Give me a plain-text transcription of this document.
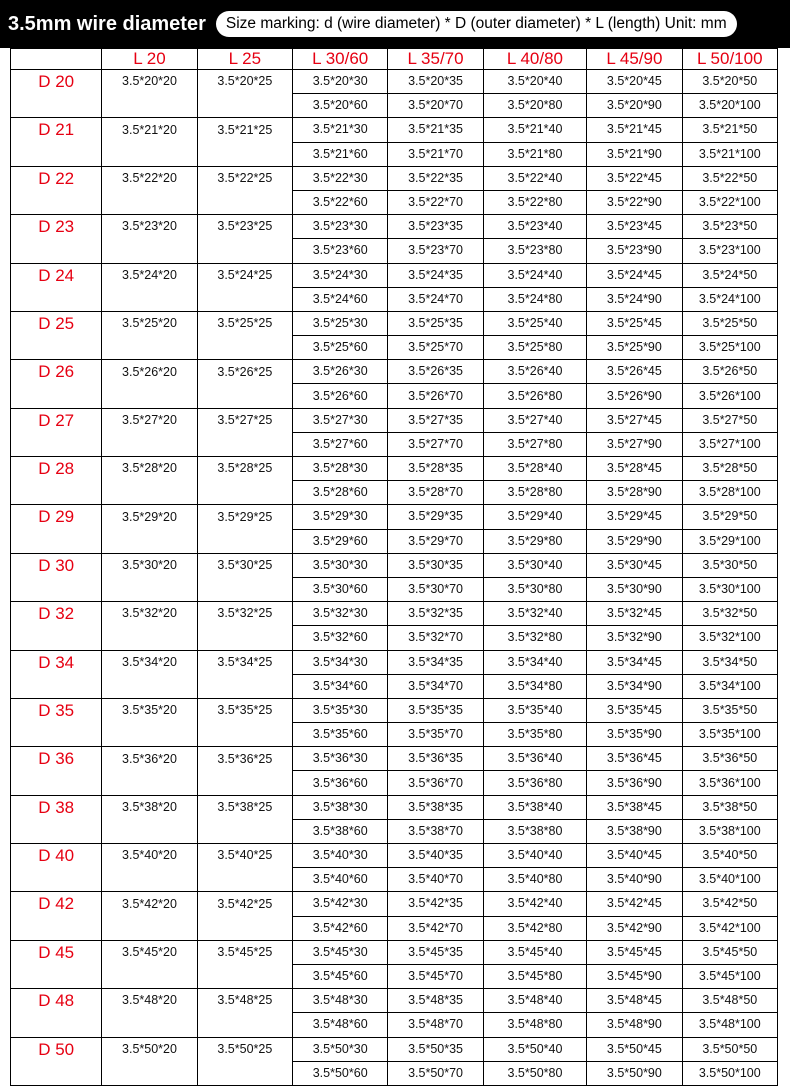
3.5mm wire diameter	Size marking: d (wire diameter) * D (outer diameter) * L (length) Unit: mm
	L 20	L 25	L 30/60	L 35/70	L 40/80	L 45/90	L 50/100
D 20	3.5*20*20	3.5*20*25	3.5*20*30	3.5*20*35	3.5*20*40	3.5*20*45	3.5*20*50
			3.5*20*60	3.5*20*70	3.5*20*80	3.5*20*90	3.5*20*100
D 21	3.5*21*20	3.5*21*25	3.5*21*30	3.5*21*35	3.5*21*40	3.5*21*45	3.5*21*50
			3.5*21*60	3.5*21*70	3.5*21*80	3.5*21*90	3.5*21*100
D 22	3.5*22*20	3.5*22*25	3.5*22*30	3.5*22*35	3.5*22*40	3.5*22*45	3.5*22*50
			3.5*22*60	3.5*22*70	3.5*22*80	3.5*22*90	3.5*22*100
D 23	3.5*23*20	3.5*23*25	3.5*23*30	3.5*23*35	3.5*23*40	3.5*23*45	3.5*23*50
			3.5*23*60	3.5*23*70	3.5*23*80	3.5*23*90	3.5*23*100
D 24	3.5*24*20	3.5*24*25	3.5*24*30	3.5*24*35	3.5*24*40	3.5*24*45	3.5*24*50
			3.5*24*60	3.5*24*70	3.5*24*80	3.5*24*90	3.5*24*100
D 25	3.5*25*20	3.5*25*25	3.5*25*30	3.5*25*35	3.5*25*40	3.5*25*45	3.5*25*50
			3.5*25*60	3.5*25*70	3.5*25*80	3.5*25*90	3.5*25*100
D 26	3.5*26*20	3.5*26*25	3.5*26*30	3.5*26*35	3.5*26*40	3.5*26*45	3.5*26*50
			3.5*26*60	3.5*26*70	3.5*26*80	3.5*26*90	3.5*26*100
D 27	3.5*27*20	3.5*27*25	3.5*27*30	3.5*27*35	3.5*27*40	3.5*27*45	3.5*27*50
			3.5*27*60	3.5*27*70	3.5*27*80	3.5*27*90	3.5*27*100
D 28	3.5*28*20	3.5*28*25	3.5*28*30	3.5*28*35	3.5*28*40	3.5*28*45	3.5*28*50
			3.5*28*60	3.5*28*70	3.5*28*80	3.5*28*90	3.5*28*100
D 29	3.5*29*20	3.5*29*25	3.5*29*30	3.5*29*35	3.5*29*40	3.5*29*45	3.5*29*50
			3.5*29*60	3.5*29*70	3.5*29*80	3.5*29*90	3.5*29*100
D 30	3.5*30*20	3.5*30*25	3.5*30*30	3.5*30*35	3.5*30*40	3.5*30*45	3.5*30*50
			3.5*30*60	3.5*30*70	3.5*30*80	3.5*30*90	3.5*30*100
D 32	3.5*32*20	3.5*32*25	3.5*32*30	3.5*32*35	3.5*32*40	3.5*32*45	3.5*32*50
			3.5*32*60	3.5*32*70	3.5*32*80	3.5*32*90	3.5*32*100
D 34	3.5*34*20	3.5*34*25	3.5*34*30	3.5*34*35	3.5*34*40	3.5*34*45	3.5*34*50
			3.5*34*60	3.5*34*70	3.5*34*80	3.5*34*90	3.5*34*100
D 35	3.5*35*20	3.5*35*25	3.5*35*30	3.5*35*35	3.5*35*40	3.5*35*45	3.5*35*50
			3.5*35*60	3.5*35*70	3.5*35*80	3.5*35*90	3.5*35*100
D 36	3.5*36*20	3.5*36*25	3.5*36*30	3.5*36*35	3.5*36*40	3.5*36*45	3.5*36*50
			3.5*36*60	3.5*36*70	3.5*36*80	3.5*36*90	3.5*36*100
D 38	3.5*38*20	3.5*38*25	3.5*38*30	3.5*38*35	3.5*38*40	3.5*38*45	3.5*38*50
			3.5*38*60	3.5*38*70	3.5*38*80	3.5*38*90	3.5*38*100
D 40	3.5*40*20	3.5*40*25	3.5*40*30	3.5*40*35	3.5*40*40	3.5*40*45	3.5*40*50
			3.5*40*60	3.5*40*70	3.5*40*80	3.5*40*90	3.5*40*100
D 42	3.5*42*20	3.5*42*25	3.5*42*30	3.5*42*35	3.5*42*40	3.5*42*45	3.5*42*50
			3.5*42*60	3.5*42*70	3.5*42*80	3.5*42*90	3.5*42*100
D 45	3.5*45*20	3.5*45*25	3.5*45*30	3.5*45*35	3.5*45*40	3.5*45*45	3.5*45*50
			3.5*45*60	3.5*45*70	3.5*45*80	3.5*45*90	3.5*45*100
D 48	3.5*48*20	3.5*48*25	3.5*48*30	3.5*48*35	3.5*48*40	3.5*48*45	3.5*48*50
			3.5*48*60	3.5*48*70	3.5*48*80	3.5*48*90	3.5*48*100
D 50	3.5*50*20	3.5*50*25	3.5*50*30	3.5*50*35	3.5*50*40	3.5*50*45	3.5*50*50
			3.5*50*60	3.5*50*70	3.5*50*80	3.5*50*90	3.5*50*100
